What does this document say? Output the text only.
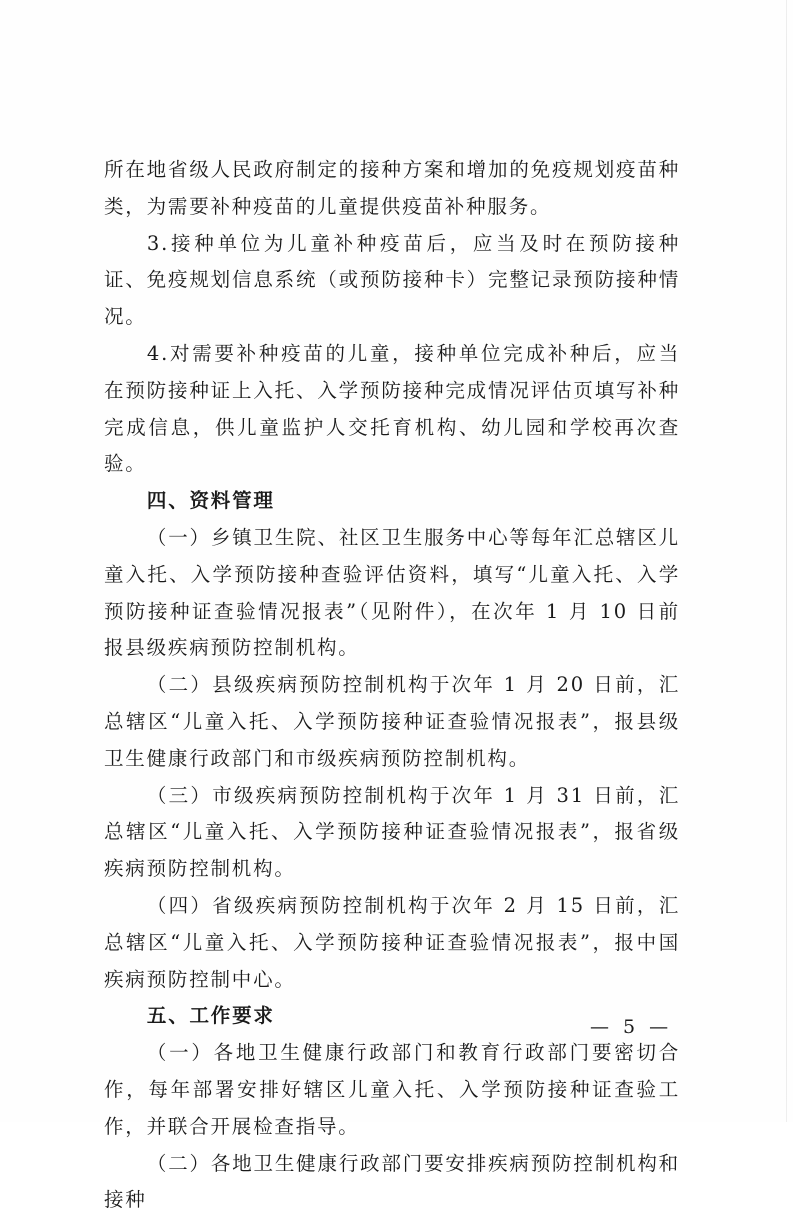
所在地省级人民政府制定的接种方案和增加的免疫规划疫苗种类，为需要补种疫苗的儿童提供疫苗补种服务。

3.接种单位为儿童补种疫苗后，应当及时在预防接种证、免疫规划信息系统（或预防接种卡）完整记录预防接种情况。

4.对需要补种疫苗的儿童，接种单位完成补种后，应当在预防接种证上入托、入学预防接种完成情况评估页填写补种完成信息，供儿童监护人交托育机构、幼儿园和学校再次查验。

四、资料管理

（一）乡镇卫生院、社区卫生服务中心等每年汇总辖区儿童入托、入学预防接种查验评估资料，填写“儿童入托、入学预防接种证查验情况报表”（见附件），在次年 1 月 10 日前报县级疾病预防控制机构。

（二）县级疾病预防控制机构于次年 1 月 20 日前，汇总辖区“儿童入托、入学预防接种证查验情况报表”，报县级卫生健康行政部门和市级疾病预防控制机构。

（三）市级疾病预防控制机构于次年 1 月 31 日前，汇总辖区“儿童入托、入学预防接种证查验情况报表”，报省级疾病预防控制机构。

（四）省级疾病预防控制机构于次年 2 月 15 日前，汇总辖区“儿童入托、入学预防接种证查验情况报表”，报中国疾病预防控制中心。

五、工作要求

（一）各地卫生健康行政部门和教育行政部门要密切合作，每年部署安排好辖区儿童入托、入学预防接种证查验工作，并联合开展检查指导。

（二）各地卫生健康行政部门要安排疾病预防控制机构和接种

— 5 —
